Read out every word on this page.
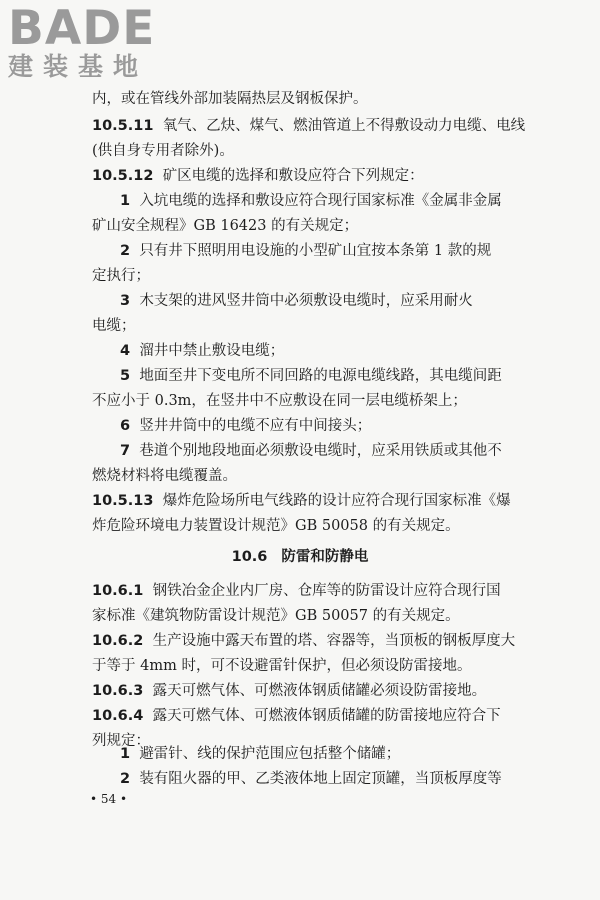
BADE
建装基地
内，或在管线外部加装隔热层及钢板保护。
10.5.11 氧气、乙炔、煤气、燃油管道上不得敷设动力电缆、电线
(供自身专用者除外)。
10.5.12 矿区电缆的选择和敷设应符合下列规定：
1 入坑电缆的选择和敷设应符合现行国家标准《金属非金属
矿山安全规程》GB 16423 的有关规定；
2 只有井下照明用电设施的小型矿山宜按本条第 1 款的规
定执行；
3 木支架的进风竖井筒中必须敷设电缆时，应采用耐火
电缆；
4 溜井中禁止敷设电缆；
5 地面至井下变电所不同回路的电源电缆线路，其电缆间距
不应小于 0.3m，在竖井中不应敷设在同一层电缆桥架上；
6 竖井井筒中的电缆不应有中间接头；
7 巷道个别地段地面必须敷设电缆时，应采用铁质或其他不
燃烧材料将电缆覆盖。
10.5.13 爆炸危险场所电气线路的设计应符合现行国家标准《爆
炸危险环境电力装置设计规范》GB 50058 的有关规定。
10.6 防雷和防静电
10.6.1 钢铁冶金企业内厂房、仓库等的防雷设计应符合现行国
家标准《建筑物防雷设计规范》GB 50057 的有关规定。
10.6.2 生产设施中露天布置的塔、容器等，当顶板的钢板厚度大
于等于 4mm 时，可不设避雷针保护，但必须设防雷接地。
10.6.3 露天可燃气体、可燃液体钢质储罐必须设防雷接地。
10.6.4 露天可燃气体、可燃液体钢质储罐的防雷接地应符合下
列规定：
1 避雷针、线的保护范围应包括整个储罐；
2 装有阻火器的甲、乙类液体地上固定顶罐，当顶板厚度等
• 54 •
